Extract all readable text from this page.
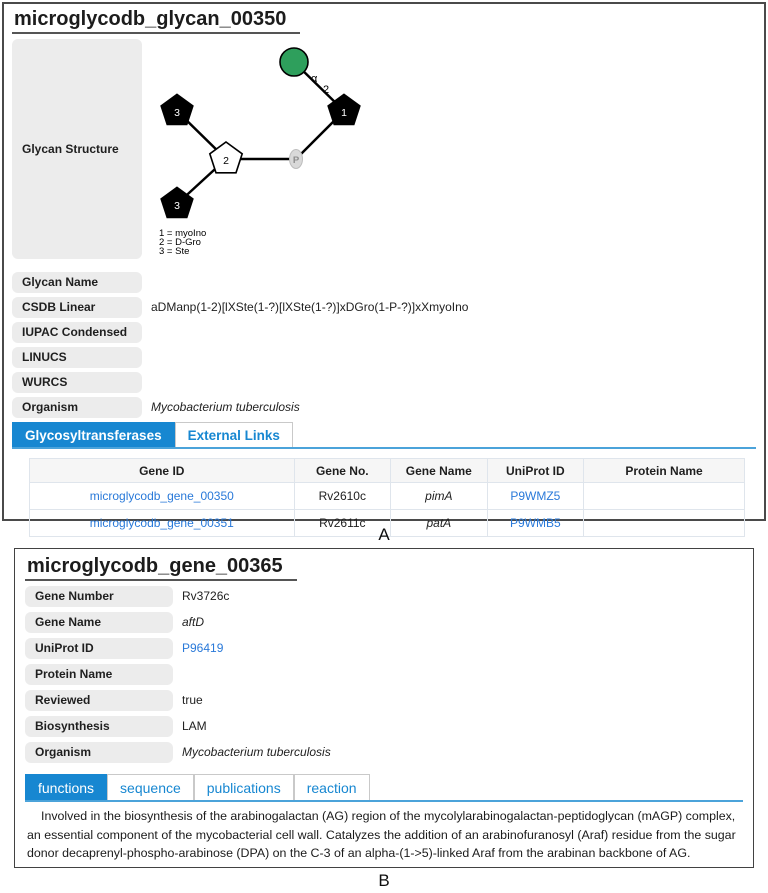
microglycodb_glycan_00350
Glycan Structure
α
2
1
3
2
3
P
1 = myoIno
2 = D-Gro
3 = Ste
Glycan Name
CSDB Linear	aDManp(1-2)[lXSte(1-?)[lXSte(1-?)]xDGro(1-P-?)]xXmyoIno
IUPAC Condensed
LINUCS
WURCS
Organism	Mycobacterium tuberculosis
Glycosyltransferases	External Links
Gene ID	Gene No.	Gene Name	UniProt ID	Protein Name
microglycodb_gene_00350	Rv2610c	pimA	P9WMZ5	
microglycodb_gene_00351	Rv2611c	patA	P9WMB5	
A
microglycodb_gene_00365
Gene Number	Rv3726c
Gene Name	aftD
UniProt ID	P96419
Protein Name
Reviewed	true
Biosynthesis	LAM
Organism	Mycobacterium tuberculosis
functions	sequence	publications	reaction

Involved in the biosynthesis of the arabinogalactan (AG) region of the mycolylarabinogalactan-peptidoglycan (mAGP) complex, an essential component of the mycobacterial cell wall. Catalyzes the addition of an arabinofuranosyl (Araf) residue from the sugar donor decaprenyl-phospho-arabinose (DPA) on the C-3 of an alpha-(1->5)-linked Araf from the arabinan backbone of AG.

B
